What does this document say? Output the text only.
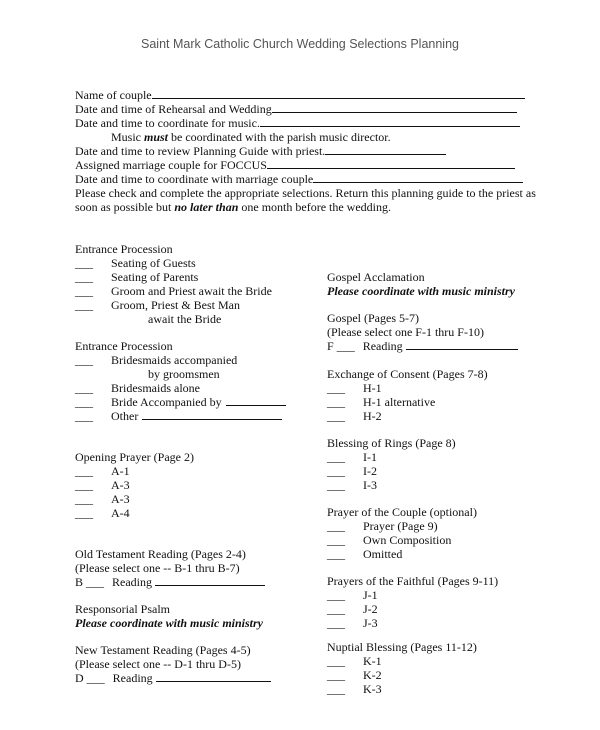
Saint Mark Catholic Church Wedding Selections Planning
Name of couple
Date and time of Rehearsal and Wedding
Date and time to coordinate for music.
Music must be coordinated with the parish music director.
Date and time to review Planning Guide with priest.
Assigned marriage couple for FOCCUS
Date and time to coordinate with marriage couple
Please check and complete the appropriate selections. Return this planning guide to the priest as
soon as possible but no later than one month before the wedding.
Entrance Procession
___ Seating of Guests
___ Seating of Parents
___ Groom and Priest await the Bride
___ Groom, Priest & Best Man
await the Bride
Entrance Procession
___ Bridesmaids accompanied
by groomsmen
___ Bridesmaids alone
___ Bride Accompanied by
___ Other
Opening Prayer (Page 2)
___ A-1
___ A-3
___ A-3
___ A-4
Old Testament Reading (Pages 2-4)
(Please select one -- B-1 thru B-7)
B ___ Reading
Responsorial Psalm
Please coordinate with music ministry
New Testament Reading (Pages 4-5)
(Please select one -- D-1 thru D-5)
D ___ Reading
Gospel Acclamation
Please coordinate with music ministry
Gospel (Pages 5-7)
(Please select one F-1 thru F-10)
F ___ Reading
Exchange of Consent (Pages 7-8)
___ H-1
___ H-1 alternative
___ H-2
Blessing of Rings (Page 8)
___ I-1
___ I-2
___ I-3
Prayer of the Couple (optional)
___ Prayer (Page 9)
___ Own Composition
___ Omitted
Prayers of the Faithful (Pages 9-11)
___ J-1
___ J-2
___ J-3
Nuptial Blessing (Pages 11-12)
___ K-1
___ K-2
___ K-3
